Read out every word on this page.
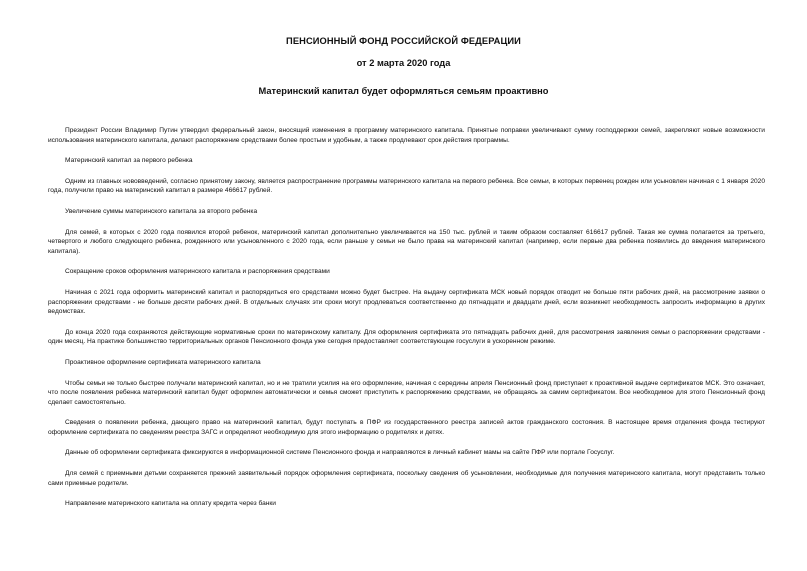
ПЕНСИОННЫЙ ФОНД РОССИЙСКОЙ ФЕДЕРАЦИИ
от 2 марта 2020 года
Материнский капитал будет оформляться семьям проактивно
Президент России Владимир Путин утвердил федеральный закон, вносящий изменения в программу материнского капитала. Принятые поправки увеличивают сумму господдержки семей, закрепляют новые возможности использования материнского капитала, делают распоряжение средствами более простым и удобным, а также продлевают срок действия программы.
Материнский капитал за первого ребенка
Одним из главных нововведений, согласно принятому закону, является распространение программы материнского капитала на первого ребенка. Все семьи, в которых первенец рожден или усыновлен начиная с 1 января 2020 года, получили право на материнский капитал в размере 466617 рублей.
Увеличение суммы материнского капитала за второго ребенка
Для семей, в которых с 2020 года появился второй ребенок, материнский капитал дополнительно увеличивается на 150 тыс. рублей и таким образом составляет 616617 рублей. Такая же сумма полагается за третьего, четвертого и любого следующего ребенка, рожденного или усыновленного с 2020 года, если раньше у семьи не было права на материнский капитал (например, если первые два ребенка появились до введения материнского капитала).
Сокращение сроков оформления материнского капитала и распоряжения средствами
Начиная с 2021 года оформить материнский капитал и распорядиться его средствами можно будет быстрее. На выдачу сертификата МСК новый порядок отводит не больше пяти рабочих дней, на рассмотрение заявки о распоряжении средствами - не больше десяти рабочих дней. В отдельных случаях эти сроки могут продлеваться соответственно до пятнадцати и двадцати дней, если возникнет необходимость запросить информацию в других ведомствах.
До конца 2020 года сохраняются действующие нормативные сроки по материнскому капиталу. Для оформления сертификата это пятнадцать рабочих дней, для рассмотрения заявления семьи о распоряжении средствами - один месяц. На практике большинство территориальных органов Пенсионного фонда уже сегодня предоставляет соответствующие госуслуги в ускоренном режиме.
Проактивное оформление сертификата материнского капитала
Чтобы семьи не только быстрее получали материнский капитал, но и не тратили усилия на его оформление, начиная с середины апреля Пенсионный фонд приступает к проактивной выдаче сертификатов МСК. Это означает, что после появления ребенка материнский капитал будет оформлен автоматически и семья сможет приступить к распоряжению средствами, не обращаясь за самим сертификатом. Все необходимое для этого Пенсионный фонд сделает самостоятельно.
Сведения о появлении ребенка, дающего право на материнский капитал, будут поступать в ПФР из государственного реестра записей актов гражданского состояния. В настоящее время отделения фонда тестируют оформление сертификата по сведениям реестра ЗАГС и определяют необходимую для этого информацию о родителях и детях.
Данные об оформлении сертификата фиксируются в информационной системе Пенсионного фонда и направляются в личный кабинет мамы на сайте ПФР или портале Госуслуг.
Для семей с приемными детьми сохраняется прежний заявительный порядок оформления сертификата, поскольку сведения об усыновлении, необходимые для получения материнского капитала, могут представить только сами приемные родители.
Направление материнского капитала на оплату кредита через банки
